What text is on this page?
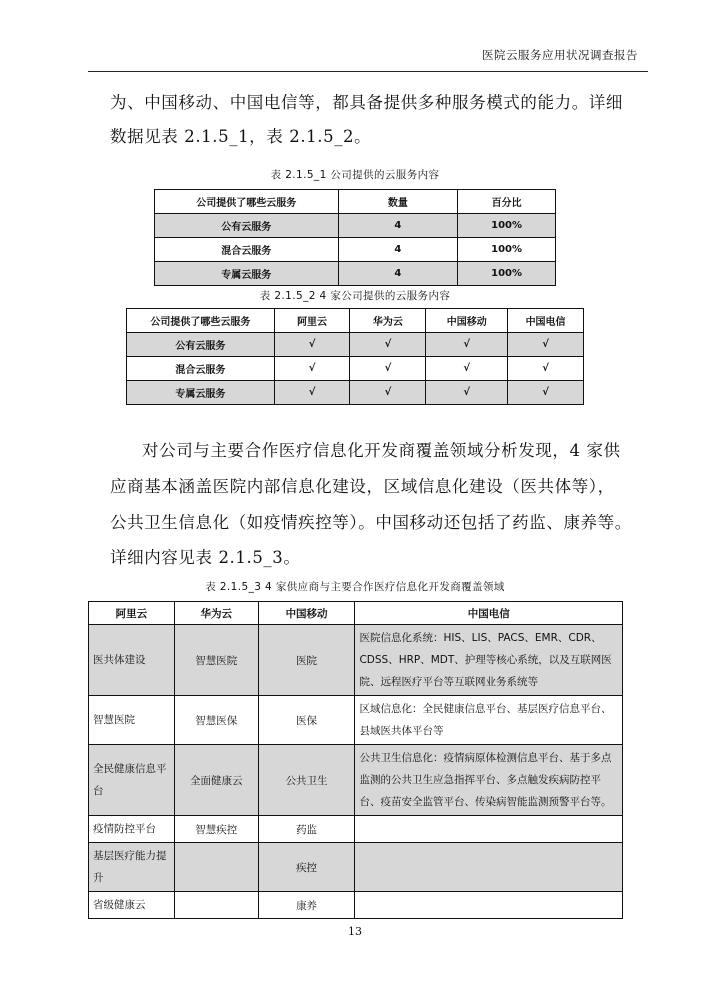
医院云服务应用状况调查报告
为、中国移动、中国电信等，都具备提供多种服务模式的能力。详细
数据见表 2.1.5_1，表 2.1.5_2。
表 2.1.5_1 公司提供的云服务内容
公司提供了哪些云服务	数量	百分比
公有云服务	4	100%
混合云服务	4	100%
专属云服务	4	100%
表 2.1.5_2 4 家公司提供的云服务内容
公司提供了哪些云服务	阿里云	华为云	中国移动	中国电信
公有云服务	√	√	√	√
混合云服务	√	√	√	√
专属云服务	√	√	√	√
对公司与主要合作医疗信息化开发商覆盖领域分析发现，4 家供
应商基本涵盖医院内部信息化建设，区域信息化建设（医共体等），
公共卫生信息化（如疫情疾控等）。中国移动还包括了药监、康养等。
详细内容见表 2.1.5_3。
表 2.1.5_3 4 家供应商与主要合作医疗信息化开发商覆盖领域
阿里云	华为云	中国移动	中国电信
医共体建设	智慧医院	医院	医院信息化系统：HIS、LIS、PACS、EMR、CDR、CDSS、HRP、MDT、护理等核心系统，以及互联网医院、远程医疗平台等互联网业务系统等
智慧医院	智慧医保	医保	区域信息化：全民健康信息平台、基层医疗信息平台、县域医共体平台等
全民健康信息平台	全面健康云	公共卫生	公共卫生信息化：疫情病原体检测信息平台、基于多点监测的公共卫生应急指挥平台、多点触发疾病防控平台、疫苗安全监管平台、传染病智能监测预警平台等。
疫情防控平台	智慧疾控	药监	
基层医疗能力提升		疾控	
省级健康云		康养	
13
